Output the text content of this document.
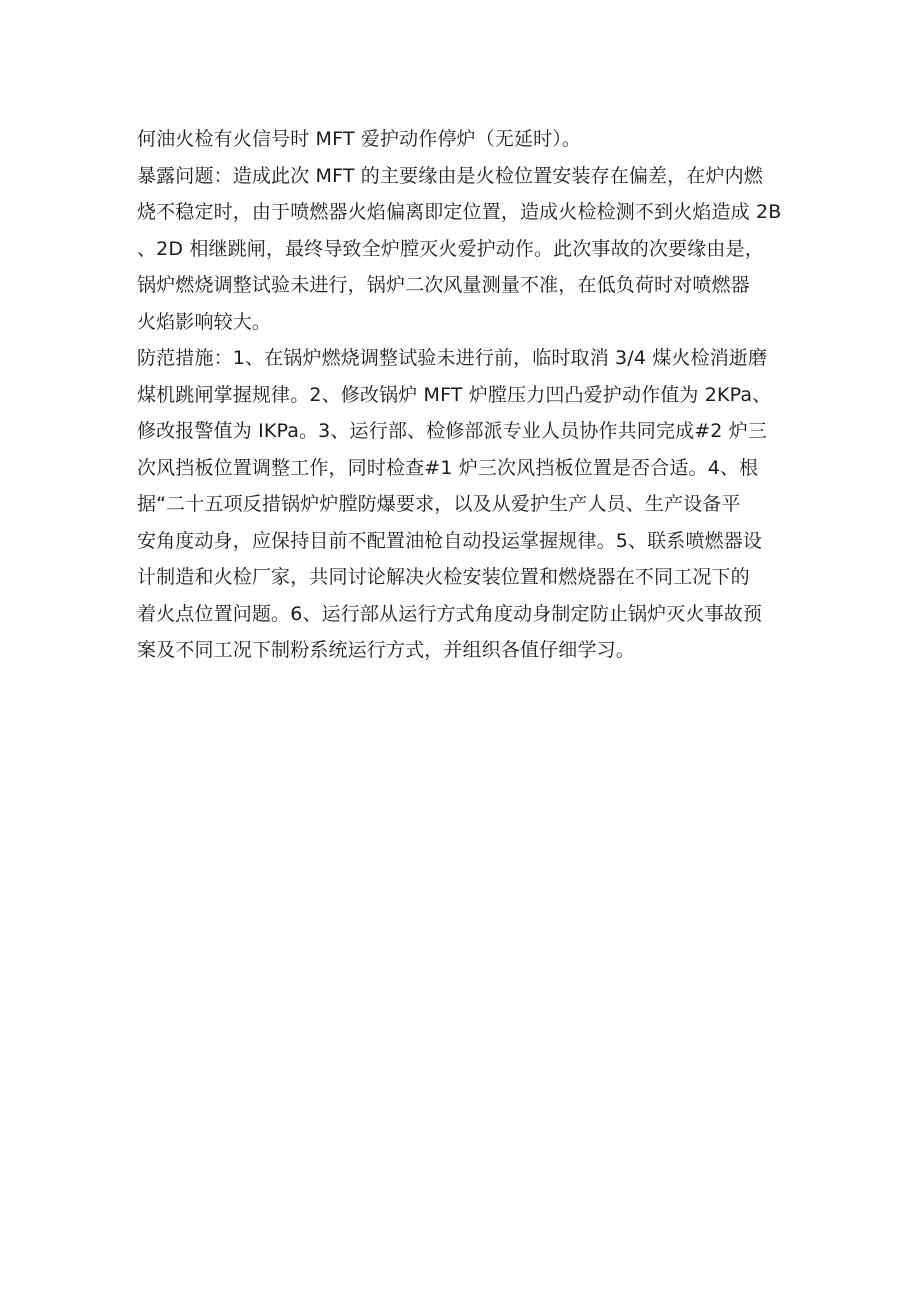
何油火检有火信号时 MFT 爱护动作停炉（无延时）。
暴露问题：造成此次 MFT 的主要缘由是火检位置安装存在偏差，在炉内燃
烧不稳定时，由于喷燃器火焰偏离即定位置，造成火检检测不到火焰造成 2B
、2D 相继跳闸，最终导致全炉膛灭火爱护动作。此次事故的次要缘由是，
锅炉燃烧调整试验未进行，锅炉二次风量测量不准，在低负荷时对喷燃器
火焰影响较大。
防范措施：1、在锅炉燃烧调整试验未进行前，临时取消 3/4 煤火检消逝磨
煤机跳闸掌握规律。2、修改锅炉 MFT 炉膛压力凹凸爱护动作值为 2KPa、
修改报警值为 IKPa。3、运行部、检修部派专业人员协作共同完成#2 炉三
次风挡板位置调整工作，同时检查#1 炉三次风挡板位置是否合适。4、根
据“二十五项反措锅炉炉膛防爆要求，以及从爱护生产人员、生产设备平
安角度动身，应保持目前不配置油枪自动投运掌握规律。5、联系喷燃器设
计制造和火检厂家，共同讨论解决火检安装位置和燃烧器在不同工况下的
着火点位置问题。6、运行部从运行方式角度动身制定防止锅炉灭火事故预
案及不同工况下制粉系统运行方式，并组织各值仔细学习。
